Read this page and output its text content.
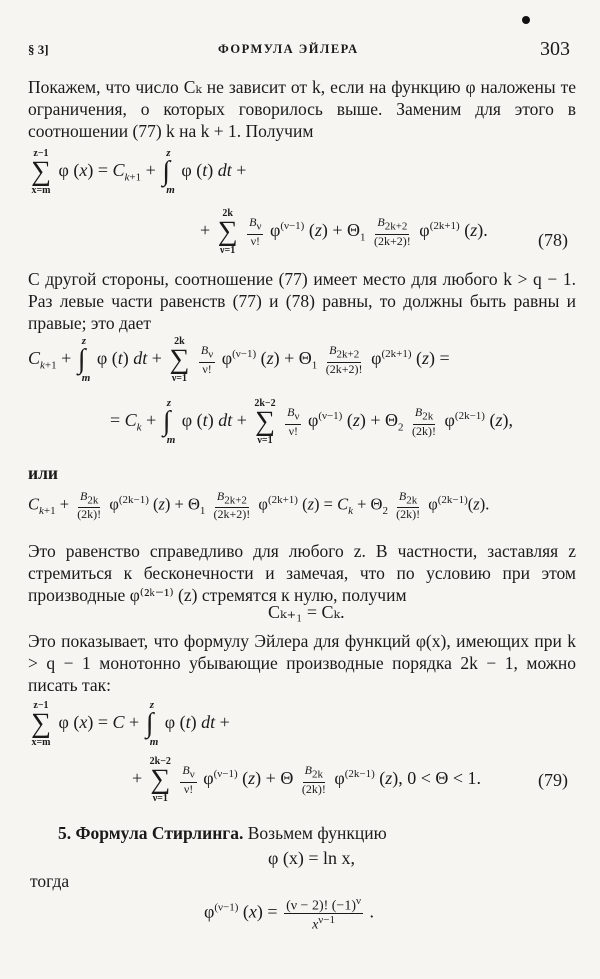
§ 3]	ФОРМУЛА ЭЙЛЕРА	303
Покажем, что число Cₖ не зависит от k, если на функцию φ наложены те ограничения, о которых говорилось выше. Заменим для этого в соотношении (77) k на k + 1. Получим
z−1
∑
x=m
φ $(x) = C_{k+1}$ +
z
∫
m
φ (t) dt +
+
2k
∑
ν=1

$\frac{B_\nu}{\nu!} \varphi^{(\nu-1)}$ $(z) + \Theta_1 \frac{B_{2k+2}}{(2k+2)!} \varphi^{(2k+1)}$ (z).	(78)
С другой стороны, соотношение (77) имеет место для любого k > q − 1. Раз левые части равенств (77) и (78) равны, то должны быть равны и правые; это дает
$C_{k+1}$ +
z
∫
m
φ (t) dt +
2k
∑
ν=1

$\frac{B_\nu}{\nu!} \varphi^{(\nu-1)}$ $(z) + \Theta_1 \frac{B_{2k+2}}{(2k+2)!} \varphi^{(2k+1)}$ (z) =
= $C_k$ +
z
∫
m
φ (t) dt +
2k−2
∑
ν=1

$\frac{B_\nu}{\nu!} \varphi^{(\nu-1)}$ $(z) + \Theta_2 \frac{B_{2k}}{(2k)!} \varphi^{(2k-1)}$ (z),
или
$C_{k+1} + \frac{B_{2k}}{(2k)!} \varphi^{(2k-1)}$ $(z) + \Theta_1 \frac{B_{2k+2}}{(2k+2)!} \varphi^{(2k+1)}$ $(z) = C_k + \Theta_2 \frac{B_{2k}}{(2k)!} \varphi^{(2k-1)}(z)$.
Это равенство справедливо для любого z. В частности, заставляя z стремиться к бесконечности и замечая, что по условию при этом производные φ⁽²ᵏ⁻¹⁾ (z) стремятся к нулю, получим
Cₖ₊₁ = Cₖ.
Это показывает, что формулу Эйлера для функций φ(x), имеющих при k > q − 1 монотонно убывающие производные порядка 2k − 1, можно писать так:
z−1
∑
x=m
φ (x) = C +
z
∫
m
φ (t) dt +
+
2k−2
∑
ν=1

$\frac{B_\nu}{\nu!} \varphi^{(\nu-1)}$ (z) + Θ $\frac{B_{2k}}{(2k)!} \varphi^{(2k-1)}$ (z), 0 < Θ < 1.	(79)
5. Формула Стирлинга. Возьмем функцию
φ (x) = ln x,
тогда
$\varphi^{(\nu-1)}$ $(x) = \frac{(\nu - 2)! (-1)^\nu}{x^{\nu-1}}$ .
